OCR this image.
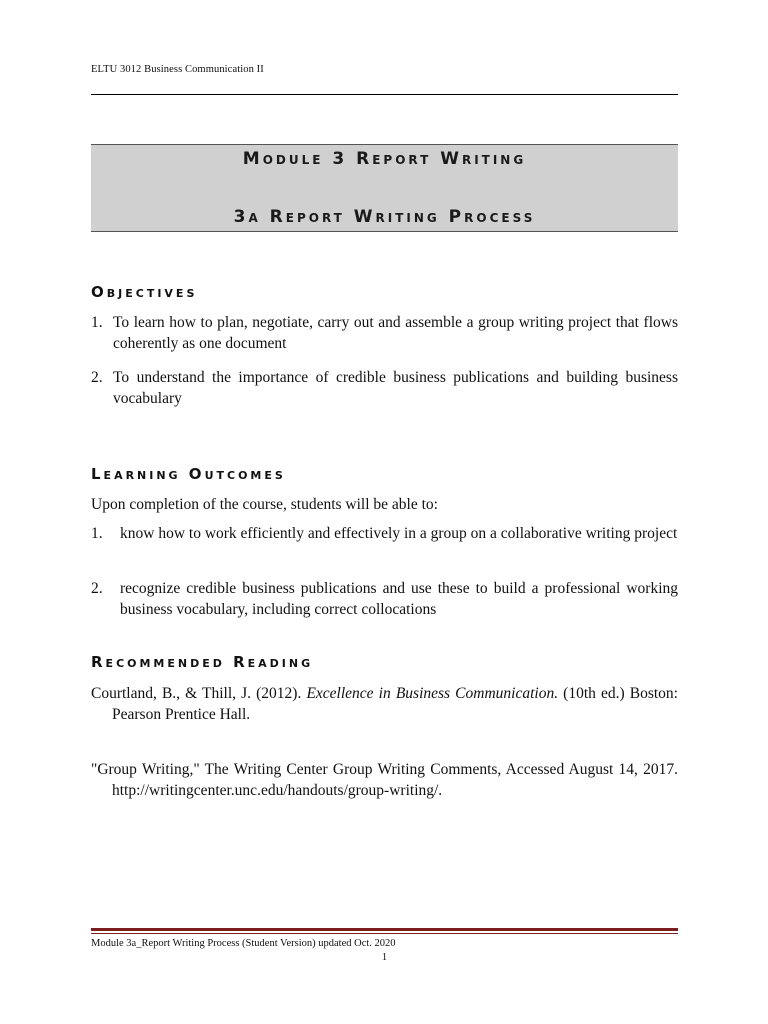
ELTU 3012 Business Communication II
Module 3 Report Writing
3a Report Writing Process
Objectives
1. To learn how to plan, negotiate, carry out and assemble a group writing project that flows coherently as one document
2. To understand the importance of credible business publications and building business vocabulary
Learning Outcomes
Upon completion of the course, students will be able to:
1.	know how to work efficiently and effectively in a group on a collaborative writing project
2.	recognize credible business publications and use these to build a professional working business vocabulary, including correct collocations
Recommended Reading
Courtland, B., & Thill, J. (2012). Excellence in Business Communication. (10th ed.) Boston: Pearson Prentice Hall.
"Group Writing," The Writing Center Group Writing Comments, Accessed August 14, 2017. http://writingcenter.unc.edu/handouts/group-writing/.
Module 3a_Report Writing Process (Student Version) updated Oct. 2020
1
